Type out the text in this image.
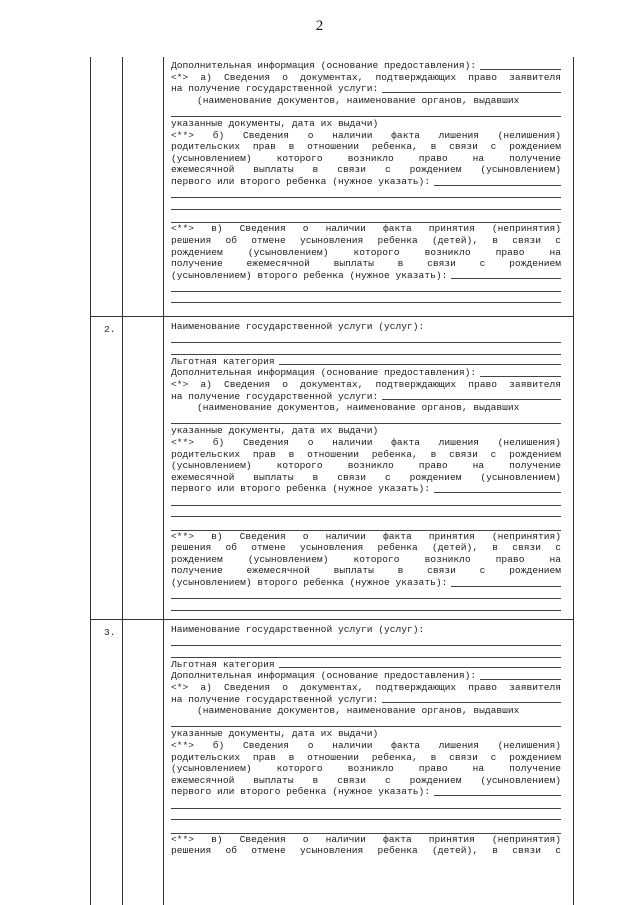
2
Дополнительная информация (основание предоставления):
<*> а) Сведения о документах, подтверждающих право заявителя
на получение государственной услуги:
(наименование документов, наименование органов, выдавших
указанные документы, дата их выдачи)
<**> б) Сведения о наличии факта лишения (нелишения)
родительских прав в отношении ребенка, в связи с рождением
(усыновлением) которого возникло право на получение
ежемесячной выплаты в связи с рождением (усыновлением)
первого или второго ребенка (нужное указать):
<**> в) Сведения о наличии факта принятия (непринятия)
решения об отмене усыновления ребенка (детей), в связи с
рождением (усыновлением) которого возникло право на
получение ежемесячной выплаты в связи с рождением
(усыновлением) второго ребенка (нужное указать):
2.	Наименование государственной услуги (услуг):
Льготная категория
Дополнительная информация (основание предоставления):
<*> а) Сведения о документах, подтверждающих право заявителя
на получение государственной услуги:
(наименование документов, наименование органов, выдавших
указанные документы, дата их выдачи)
<**> б) Сведения о наличии факта лишения (нелишения)
родительских прав в отношении ребенка, в связи с рождением
(усыновлением) которого возникло право на получение
ежемесячной выплаты в связи с рождением (усыновлением)
первого или второго ребенка (нужное указать):
<**> в) Сведения о наличии факта принятия (непринятия)
решения об отмене усыновления ребенка (детей), в связи с
рождением (усыновлением) которого возникло право на
получение ежемесячной выплаты в связи с рождением
(усыновлением) второго ребенка (нужное указать):
3.	Наименование государственной услуги (услуг):
Льготная категория
Дополнительная информация (основание предоставления):
<*> а) Сведения о документах, подтверждающих право заявителя
на получение государственной услуги:
(наименование документов, наименование органов, выдавших
указанные документы, дата их выдачи)
<**> б) Сведения о наличии факта лишения (нелишения)
родительских прав в отношении ребенка, в связи с рождением
(усыновлением) которого возникло право на получение
ежемесячной выплаты в связи с рождением (усыновлением)
первого или второго ребенка (нужное указать):
<**> в) Сведения о наличии факта принятия (непринятия)
решения об отмене усыновления ребенка (детей), в связи с
